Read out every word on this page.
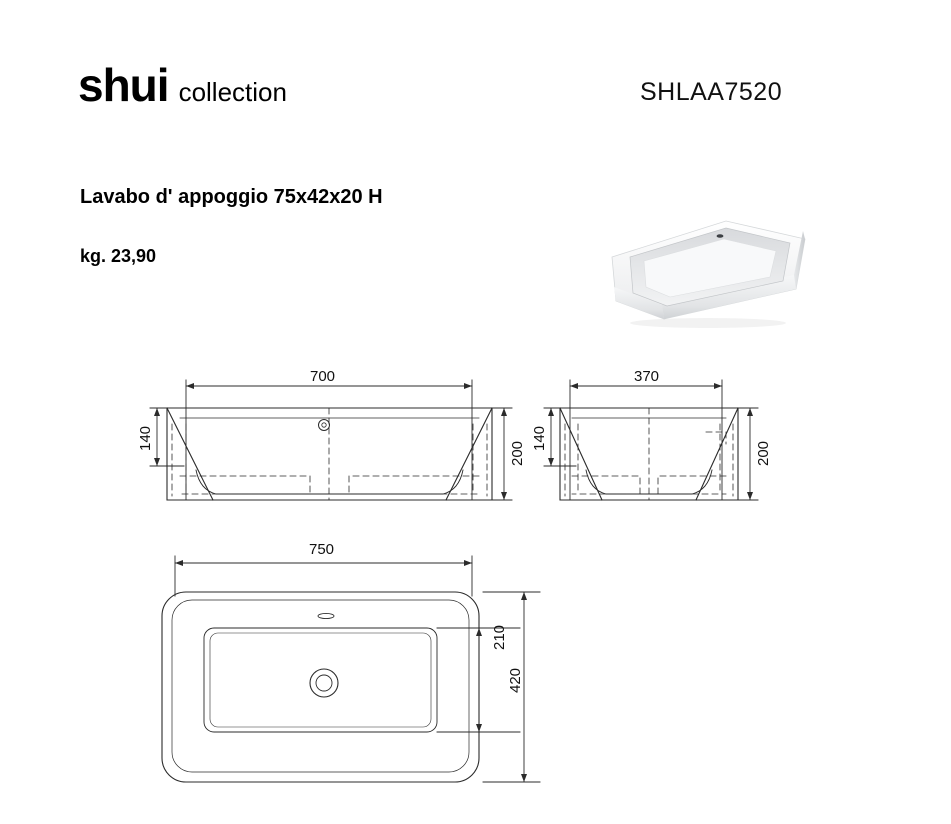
shui collection	SHLAA7520
Lavabo d' appoggio 75x42x20 H
kg. 23,90
700
140
200
370
140
200
750
210
420
